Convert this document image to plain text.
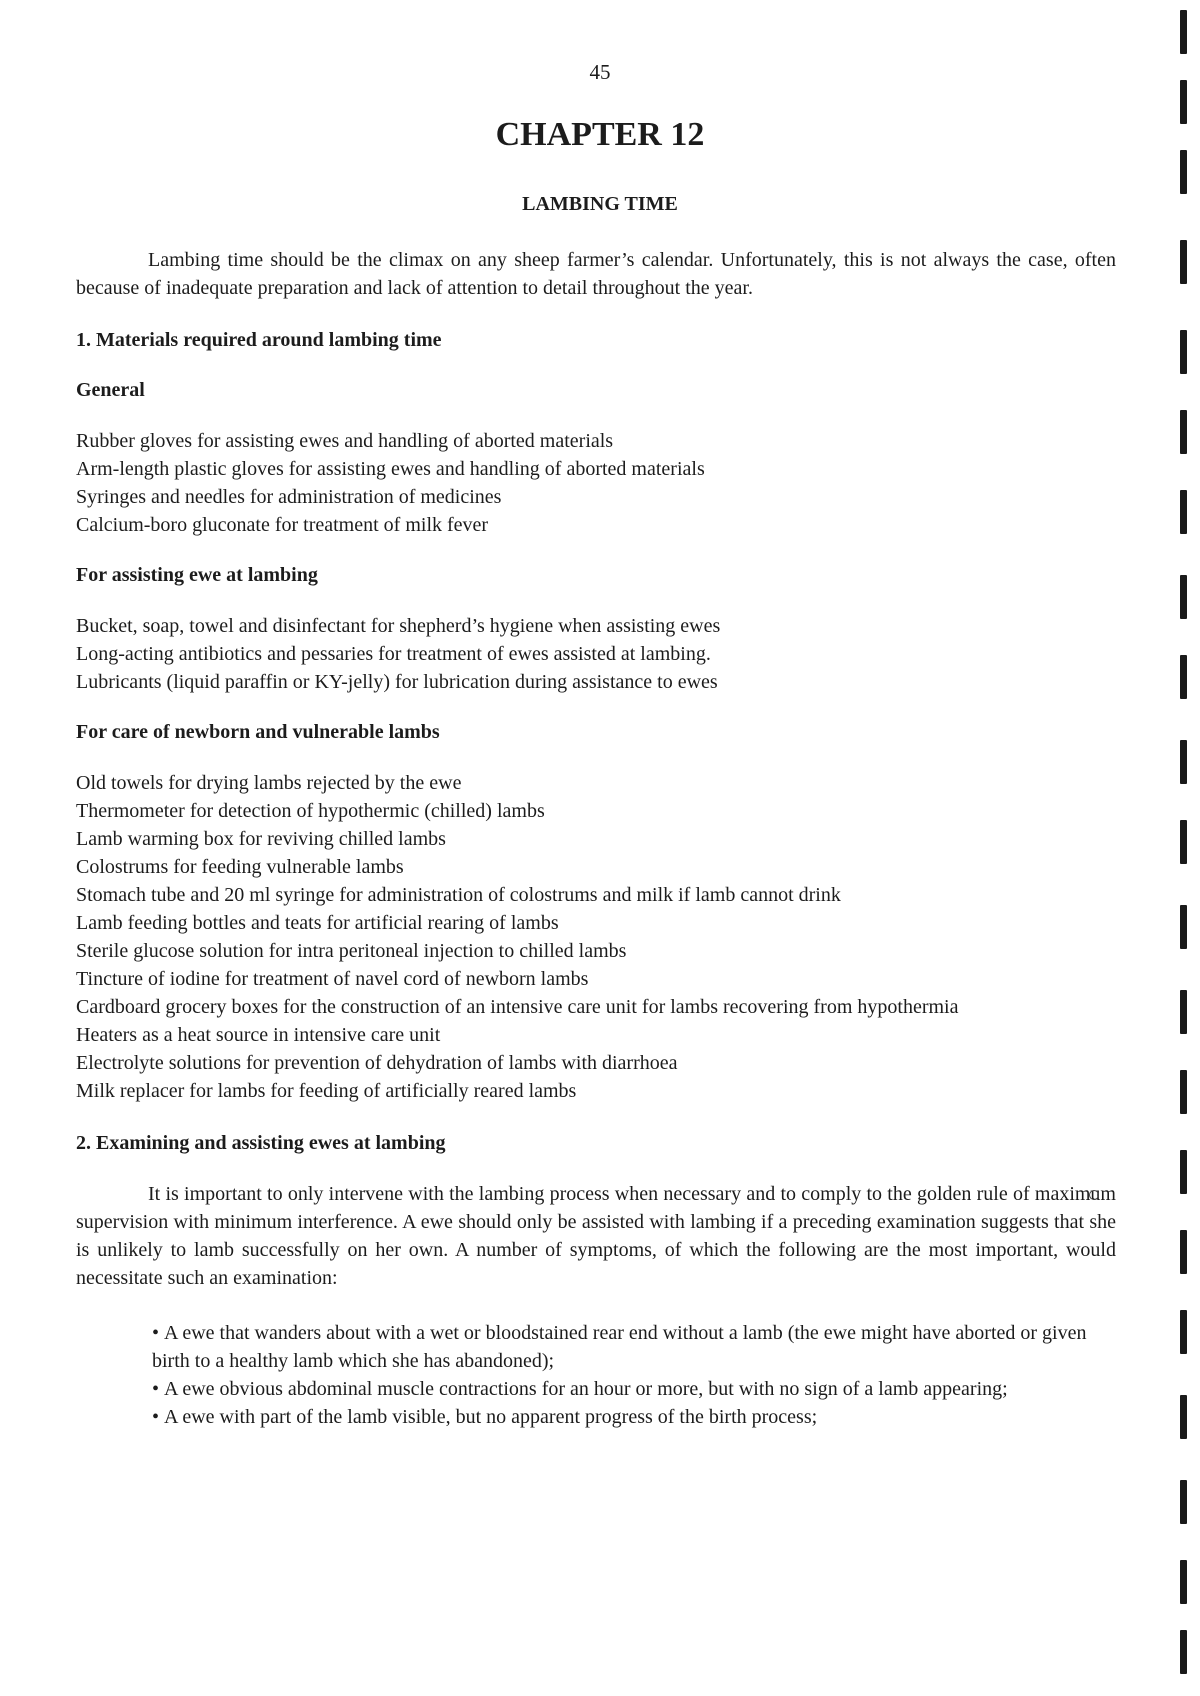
45
CHAPTER 12
LAMBING TIME

Lambing time should be the climax on any sheep farmer’s calendar. Unfortunately, this is not always the case, often because of inadequate preparation and lack of attention to detail throughout the year.

1. Materials required around lambing time
General
Rubber gloves for assisting ewes and handling of aborted materials
Arm-length plastic gloves for assisting ewes and handling of aborted materials
Syringes and needles for administration of medicines
Calcium-boro gluconate for treatment of milk fever
For assisting ewe at lambing
Bucket, soap, towel and disinfectant for shepherd’s hygiene when assisting ewes
Long-acting antibiotics and pessaries for treatment of ewes assisted at lambing.
Lubricants (liquid paraffin or KY-jelly) for lubrication during assistance to ewes
For care of newborn and vulnerable lambs
Old towels for drying lambs rejected by the ewe
Thermometer for detection of hypothermic (chilled) lambs
Lamb warming box for reviving chilled lambs
Colostrums for feeding vulnerable lambs
Stomach tube and 20 ml syringe for administration of colostrums and milk if lamb cannot drink
Lamb feeding bottles and teats for artificial rearing of lambs
Sterile glucose solution for intra peritoneal injection to chilled lambs
Tincture of iodine for treatment of navel cord of newborn lambs
Cardboard grocery boxes for the construction of an intensive care unit for lambs recovering from hypothermia
Heaters as a heat source in intensive care unit
Electrolyte solutions for prevention of dehydration of lambs with diarrhoea
Milk replacer for lambs for feeding of artificially reared lambs
2. Examining and assisting ewes at lambing

It is important to only intervene with the lambing process when necessary and to comply to the golden rule of maximum supervision with minimum interference. A ewe should only be assisted with lambing if a preceding examination suggests that she is unlikely to lamb successfully on her own. A number of symptoms, of which the following are the most important, would necessitate such an examination:

• A ewe that wanders about with a wet or bloodstained rear end without a lamb (the ewe might have aborted or given birth to a healthy lamb which she has abandoned);
• A ewe obvious abdominal muscle contractions for an hour or more, but with no sign of a lamb appearing;
• A ewe with part of the lamb visible, but no apparent progress of the birth process;
